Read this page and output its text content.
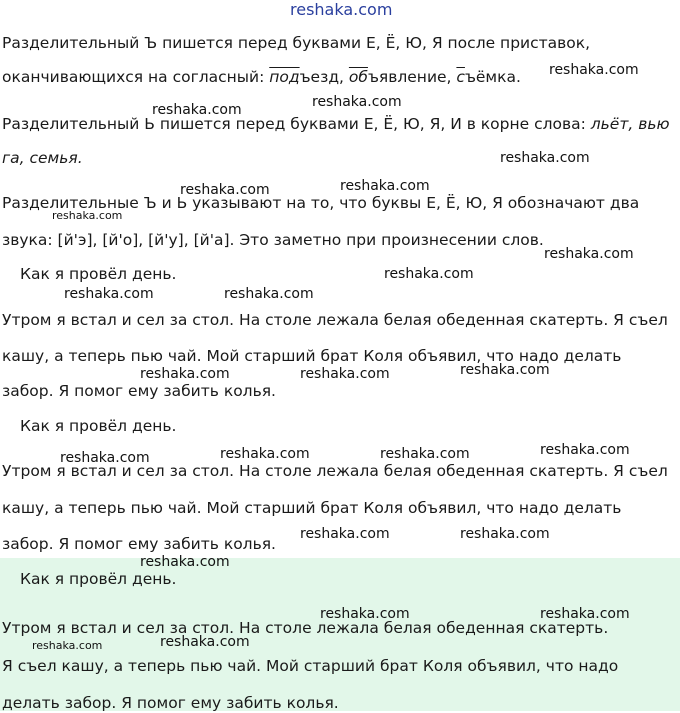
reshaka.com
Разделительный Ъ пишется перед буквами Е, Ё, Ю, Я после приставок,
оканчивающихся на согласный: подъезд, объявление, съёмка.
Разделительный Ь пишется перед буквами Е, Ё, Ю, Я, И в корне слова: льёт, вью
га, семья.
Разделительные Ъ и Ь указывают на то, что буквы Е, Ё, Ю, Я обозначают два
звука: [й'э], [й'о], [й'у], [й'а]. Это заметно при произнесении слов.
Как я провёл день.
Утром я встал и сел за стол. На столе лежала белая обеденная скатерть. Я съел
кашу, а теперь пью чай. Мой старший брат Коля объявил, что надо делать
забор. Я помог ему забить колья.
Как я провёл день.
Утром я встал и сел за стол. На столе лежала белая обеденная скатерть. Я съел
кашу, а теперь пью чай. Мой старший брат Коля объявил, что надо делать
забор. Я помог ему забить колья.
Как я провёл день.
Утром я встал и сел за стол. На столе лежала белая обеденная скатерть.
Я съел кашу, а теперь пью чай. Мой старший брат Коля объявил, что надо
делать забор. Я помог ему забить колья.
reshaka.com
reshaka.com	reshaka.com
reshaka.com
reshaka.com	reshaka.com
reshaka.com
reshaka.com
reshaka.com
reshaka.com	reshaka.com
reshaka.com	reshaka.com	reshaka.com
reshaka.com	reshaka.com	reshaka.com	reshaka.com
reshaka.com	reshaka.com
reshaka.com
reshaka.com	reshaka.com
reshaka.com	reshaka.com
